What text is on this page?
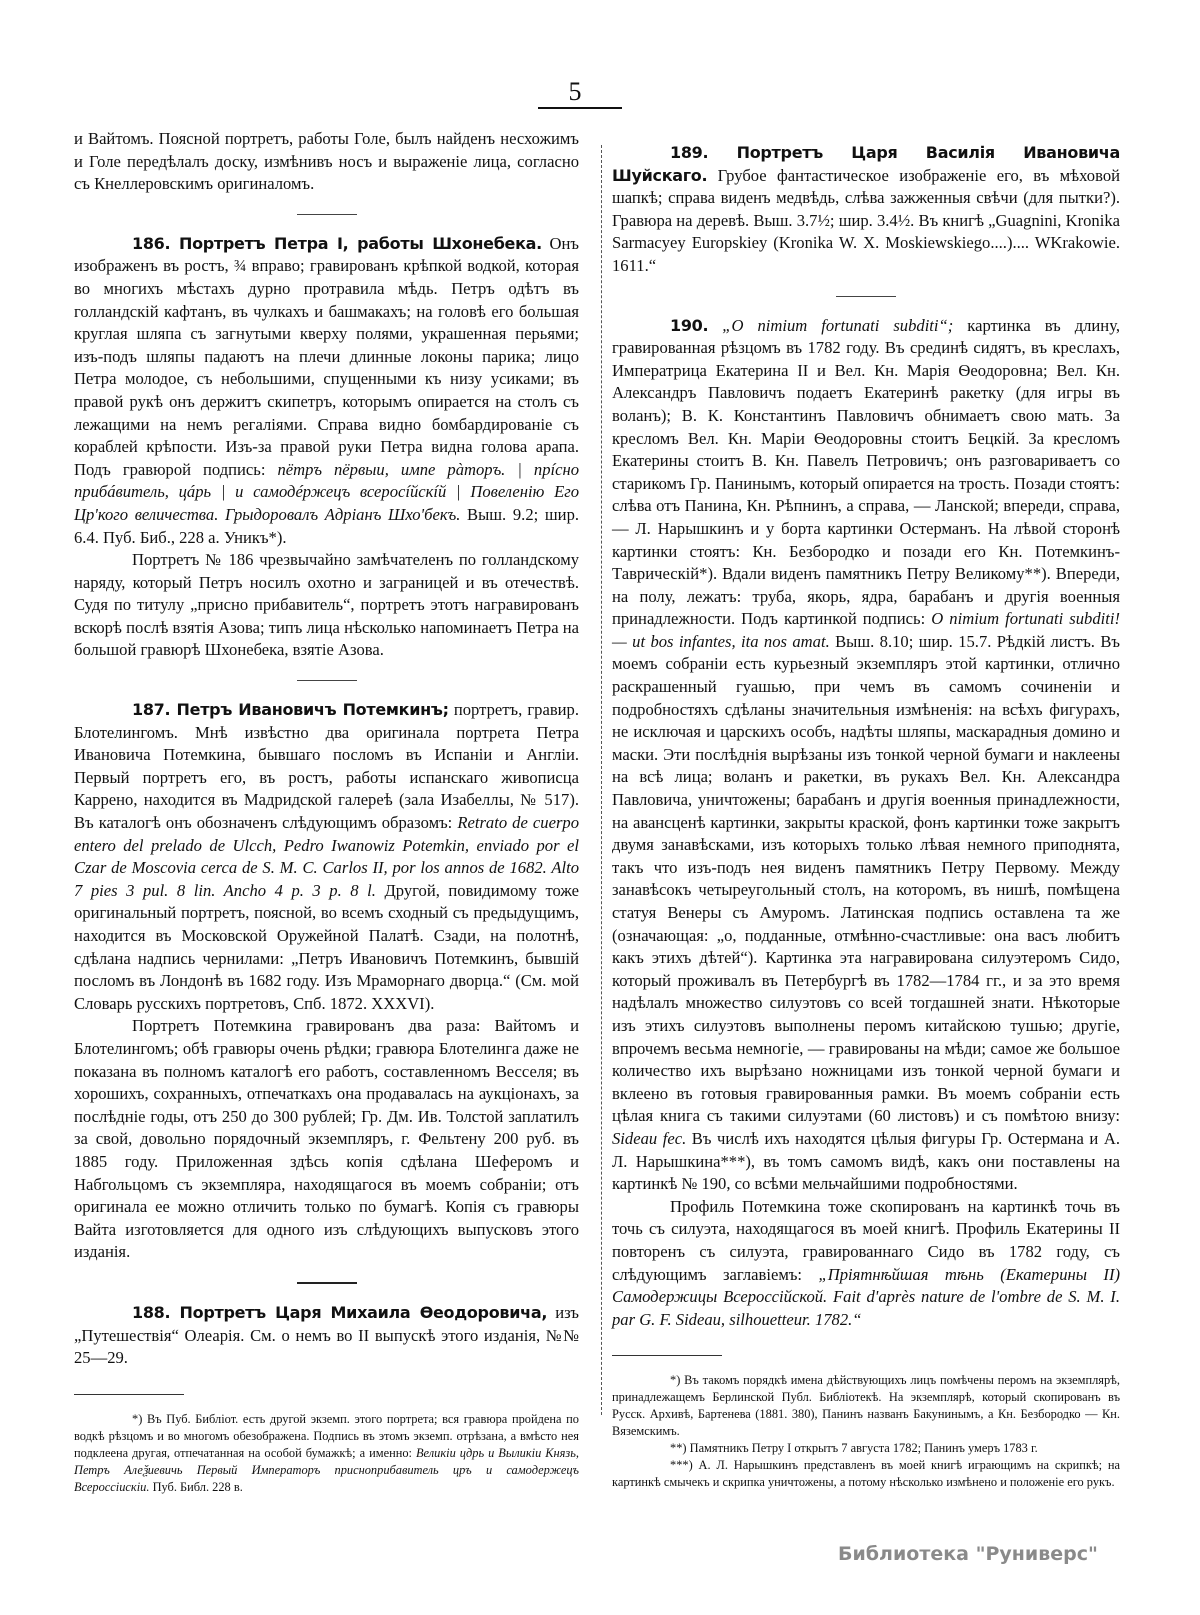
5

и Вайтомъ. Поясной портретъ, работы Голе, былъ найденъ несхожимъ и Голе передѣлалъ доску, измѣнивъ носъ и выраженіе лица, согласно съ Кнеллеровскимъ оригиналомъ.

186. Портретъ Петра I, работы Шхонебека. Онъ изображенъ въ ростъ, ¾ вправо; гравированъ крѣпкой водкой, которая во многихъ мѣстахъ дурно протравила мѣдь. Петръ одѣтъ въ голландскій кафтанъ, въ чулкахъ и башмакахъ; на головѣ его большая круглая шляпа съ загнутыми кверху полями, украшенная перьями; изъ-подъ шляпы падаютъ на плечи длинные локоны парика; лицо Петра молодое, съ небольшими, спущенными къ низу усиками; въ правой рукѣ онъ держитъ скипетръ, которымъ опирается на столъ съ лежащими на немъ регаліями. Справа видно бомбардированіе съ кораблей крѣпости. Изъ-за правой руки Петра видна голова арапа. Подъ гравюрой подпись: пётръ пёрвыи, импе рàторъ. | прíсно прибáвитель, цáрь | и самодéржецъ всеросíйскíй | Повеленію Его Цр'кого величества. Грыдоровалъ Адріанъ Шхо'бекъ. Выш. 9.2; шир. 6.4. Пуб. Биб., 228 а. Уникъ*).

Портретъ № 186 чрезвычайно замѣчателенъ по голландскому наряду, который Петръ носилъ охотно и заграницей и въ отечествѣ. Судя по титулу „присно прибавитель“, портретъ этотъ награвированъ вскорѣ послѣ взятія Азова; типъ лица нѣсколько напоминаетъ Петра на большой гравюрѣ Шхонебека, взятіе Азова.

187. Петръ Ивановичъ Потемкинъ; портретъ, гравир. Блотелингомъ. Мнѣ извѣстно два оригинала портрета Петра Ивановича Потемкина, бывшаго посломъ въ Испаніи и Англіи. Первый портретъ его, въ ростъ, работы испанскаго живописца Каррено, находится въ Мадридской галереѣ (зала Изабеллы, № 517). Въ каталогѣ онъ обозначенъ слѣдующимъ образомъ: Retrato de cuerpo entero del prelado de Ulcch, Pedro Iwanowiz Potemkin, enviado por el Czar de Moscovia cerca de S. M. C. Carlos II, por los annos de 1682. Alto 7 pies 3 pul. 8 lin. Ancho 4 p. 3 p. 8 l. Другой, повидимому тоже оригинальный портретъ, поясной, во всемъ сходный съ предыдущимъ, находится въ Московской Оружейной Палатѣ. Сзади, на полотнѣ, сдѣлана надпись чернилами: „Петръ Ивановичъ Потемкинъ, бывшій посломъ въ Лондонѣ въ 1682 году. Изъ Мраморнаго дворца.“ (См. мой Словарь русскихъ портретовъ, Спб. 1872. XXXVI).

Портретъ Потемкина гравированъ два раза: Вайтомъ и Блотелингомъ; обѣ гравюры очень рѣдки; гравюра Блотелинга даже не показана въ полномъ каталогѣ его работъ, составленномъ Весселя; въ хорошихъ, сохранныхъ, отпечаткахъ она продавалась на аукціонахъ, за послѣдніе годы, отъ 250 до 300 рублей; Гр. Дм. Ив. Толстой заплатилъ за свой, довольно порядочный экземпляръ, г. Фельтену 200 руб. въ 1885 году. Приложенная здѣсь копія сдѣлана Шеферомъ и Набгольцомъ съ экземпляра, находящагося въ моемъ собраніи; отъ оригинала ее можно отличить только по бумагѣ. Копія съ гравюры Вайта изготовляется для одного изъ слѣдующихъ выпусковъ этого изданія.

188. Портретъ Царя Михаила Ѳеодоровича, изъ „Путешествія“ Олеарія. См. о немъ во II выпускѣ этого изданія, №№ 25—29.

*) Въ Пуб. Библіот. есть другой экземп. этого портрета; вся гравюра пройдена по водкѣ рѣзцомъ и во многомъ обезображена. Подпись въ этомъ экземп. отрѣзана, а вмѣсто нея подклеена другая, отпечатанная на особой бумажкѣ; а именно: Великіи цдрь и Выликіи Князь, Петръ Алеѯиевичь Первый Императоръ присноприбавитель цръ и самодержецъ Всероссіискіи. Пуб. Библ. 228 в.

189. Портретъ Царя Василія Ивановича Шуйскаго. Грубое фантастическое изображеніе его, въ мѣховой шапкѣ; справа виденъ медвѣдь, слѣва зажженныя свѣчи (для пытки?). Гравюра на деревѣ. Выш. 3.7½; шир. 3.4½. Въ книгѣ „Guagnini, Kronika Sarmacyey Europskiey (Kronika W. X. Moskiewskiego....).... WKrakowie. 1611.“

190. „O nimium fortunati subditi“; картинка въ длину, гравированная рѣзцомъ въ 1782 году. Въ срединѣ сидятъ, въ креслахъ, Императрица Екатерина II и Вел. Кн. Марія Ѳеодоровна; Вел. Кн. Александръ Павловичъ подаетъ Екатеринѣ ракетку (для игры въ воланъ); В. К. Константинъ Павловичъ обнимаетъ свою мать. За кресломъ Вел. Кн. Маріи Ѳеодоровны стоитъ Бецкій. За кресломъ Екатерины стоитъ В. Кн. Павелъ Петровичъ; онъ разговариваетъ со старикомъ Гр. Панинымъ, который опирается на трость. Позади стоятъ: слѣва отъ Панина, Кн. Рѣпнинъ, а справа, — Ланской; впереди, справа, — Л. Нарышкинъ и у борта картинки Остерманъ. На лѣвой сторонѣ картинки стоятъ: Кн. Безбородко и позади его Кн. Потемкинъ-Таврическій*). Вдали виденъ памятникъ Петру Великому**). Впереди, на полу, лежатъ: труба, якорь, ядра, барабанъ и другія военныя принадлежности. Подъ картинкой подпись: O nimium fortunati subditi! — ut bos infantes, ita nos amat. Выш. 8.10; шир. 15.7. Рѣдкій листъ. Въ моемъ собраніи есть курьезный экземпляръ этой картинки, отлично раскрашенный гуашью, при чемъ въ самомъ сочиненіи и подробностяхъ сдѣланы значительныя измѣненія: на всѣхъ фигурахъ, не исключая и царскихъ особъ, надѣты шляпы, маскарадныя домино и маски. Эти послѣднія вырѣзаны изъ тонкой черной бумаги и наклеены на всѣ лица; воланъ и ракетки, въ рукахъ Вел. Кн. Александра Павловича, уничтожены; барабанъ и другія военныя принадлежности, на авансценѣ картинки, закрыты краской, фонъ картинки тоже закрытъ двумя занавѣсками, изъ которыхъ только лѣвая немного приподнята, такъ что изъ-подъ нея виденъ памятникъ Петру Первому. Между занавѣсокъ четыреугольный столъ, на которомъ, въ нишѣ, помѣщена статуя Венеры съ Амуромъ. Латинская подпись оставлена та же (означающая: „о, подданные, отмѣнно-счастливые: она васъ любитъ какъ этихъ дѣтей“). Картинка эта награвирована силуэтеромъ Сидо, который проживалъ въ Петербургѣ въ 1782—1784 гг., и за это время надѣлалъ множество силуэтовъ со всей тогдашней знати. Нѣкоторые изъ этихъ силуэтовъ выполнены перомъ китайскою тушью; другіе, впрочемъ весьма немногіе, — гравированы на мѣди; самое же большое количество ихъ вырѣзано ножницами изъ тонкой черной бумаги и вклеено въ готовыя гравированныя рамки. Въ моемъ собраніи есть цѣлая книга съ такими силуэтами (60 листовъ) и съ помѣтою внизу: Sideau fec. Въ числѣ ихъ находятся цѣлыя фигуры Гр. Остермана и А. Л. Нарышкина***), въ томъ самомъ видѣ, какъ они поставлены на картинкѣ № 190, со всѣми мельчайшими подробностями.

Профиль Потемкина тоже скопированъ на картинкѣ точь въ точь съ силуэта, находящагося въ моей книгѣ. Профиль Екатерины II повторенъ съ силуэта, гравированнаго Сидо въ 1782 году, съ слѣдующимъ заглавіемъ: „Пріятнѣйшая тѣнь (Екатерины II) Самодержицы Всероссійской. Fait d'après nature de l'ombre de S. M. I. par G. F. Sideau, silhouetteur. 1782.“

*) Въ такомъ порядкѣ имена дѣйствующихъ лицъ помѣчены перомъ на экземплярѣ, принадлежащемъ Берлинской Публ. Библіотекѣ. На экземплярѣ, который скопированъ въ Русск. Архивѣ, Бартенева (1881. 380), Панинъ названъ Бакунинымъ, а Кн. Безбородко — Кн. Вяземскимъ.

**) Памятникъ Петру I открытъ 7 августа 1782; Панинъ умеръ 1783 г.

***) А. Л. Нарышкинъ представленъ въ моей книгѣ играющимъ на скрипкѣ; на картинкѣ смычекъ и скрипка уничтожены, а потому нѣсколько измѣнено и положеніе его рукъ.

Библиотека "Руниверс"
